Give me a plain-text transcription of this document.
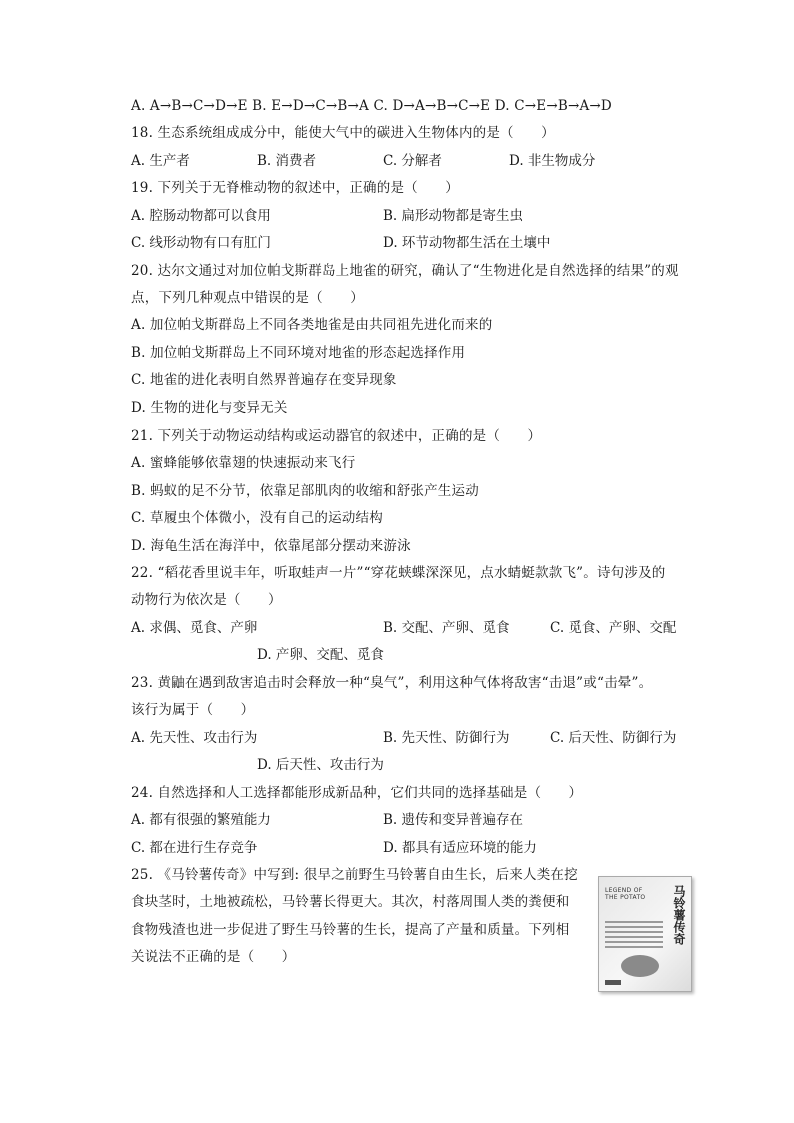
A. A→B→C→D→E B. E→D→C→B→A C. D→A→B→C→E D. C→E→B→A→D
18. 生态系统组成成分中，能使大气中的碳进入生物体内的是（　　）
A. 生产者	B. 消费者	C. 分解者	D. 非生物成分
19. 下列关于无脊椎动物的叙述中，正确的是（　　）
A. 腔肠动物都可以食用	B. 扁形动物都是寄生虫
C. 线形动物有口有肛门	D. 环节动物都生活在土壤中
20. 达尔文通过对加位帕戈斯群岛上地雀的研究，确认了“生物进化是自然选择的结果”的观
点，下列几种观点中错误的是（　　）
A. 加位帕戈斯群岛上不同各类地雀是由共同祖先进化而来的
B. 加位帕戈斯群岛上不同环境对地雀的形态起选择作用
C. 地雀的进化表明自然界普遍存在变异现象
D. 生物的进化与变异无关
21. 下列关于动物运动结构或运动器官的叙述中，正确的是（　　）
A. 蜜蜂能够依靠翅的快速振动来飞行
B. 蚂蚁的足不分节，依靠足部肌肉的收缩和舒张产生运动
C. 草履虫个体微小，没有自己的运动结构
D. 海龟生活在海洋中，依靠尾部分摆动来游泳
22. “稻花香里说丰年，听取蛙声一片”“穿花蛱蝶深深见，点水蜻蜓款款飞”。诗句涉及的
动物行为依次是（　　）
A. 求偶、觅食、产卵	B. 交配、产卵、觅食	C. 觅食、产卵、交配
D. 产卵、交配、觅食
23. 黄鼬在遇到敌害追击时会释放一种“臭气”，利用这种气体将敌害“击退”或“击晕”。
该行为属于（　　）
A. 先天性、攻击行为	B. 先天性、防御行为	C. 后天性、防御行为
D. 后天性、攻击行为
24. 自然选择和人工选择都能形成新品种，它们共同的选择基础是（　　）
A. 都有很强的繁殖能力	B. 遗传和变异普遍存在
C. 都在进行生存竞争	D. 都具有适应环境的能力
25. 《马铃薯传奇》中写到: 很早之前野生马铃薯自由生长，后来人类在挖
食块茎时，土地被疏松，马铃薯长得更大。其次，村落周围人类的粪便和
食物残渣也进一步促进了野生马铃薯的生长，提高了产量和质量。下列相
关说法不正确的是（　　）
LEGEND OF
THE POTATO 马铃薯传奇
